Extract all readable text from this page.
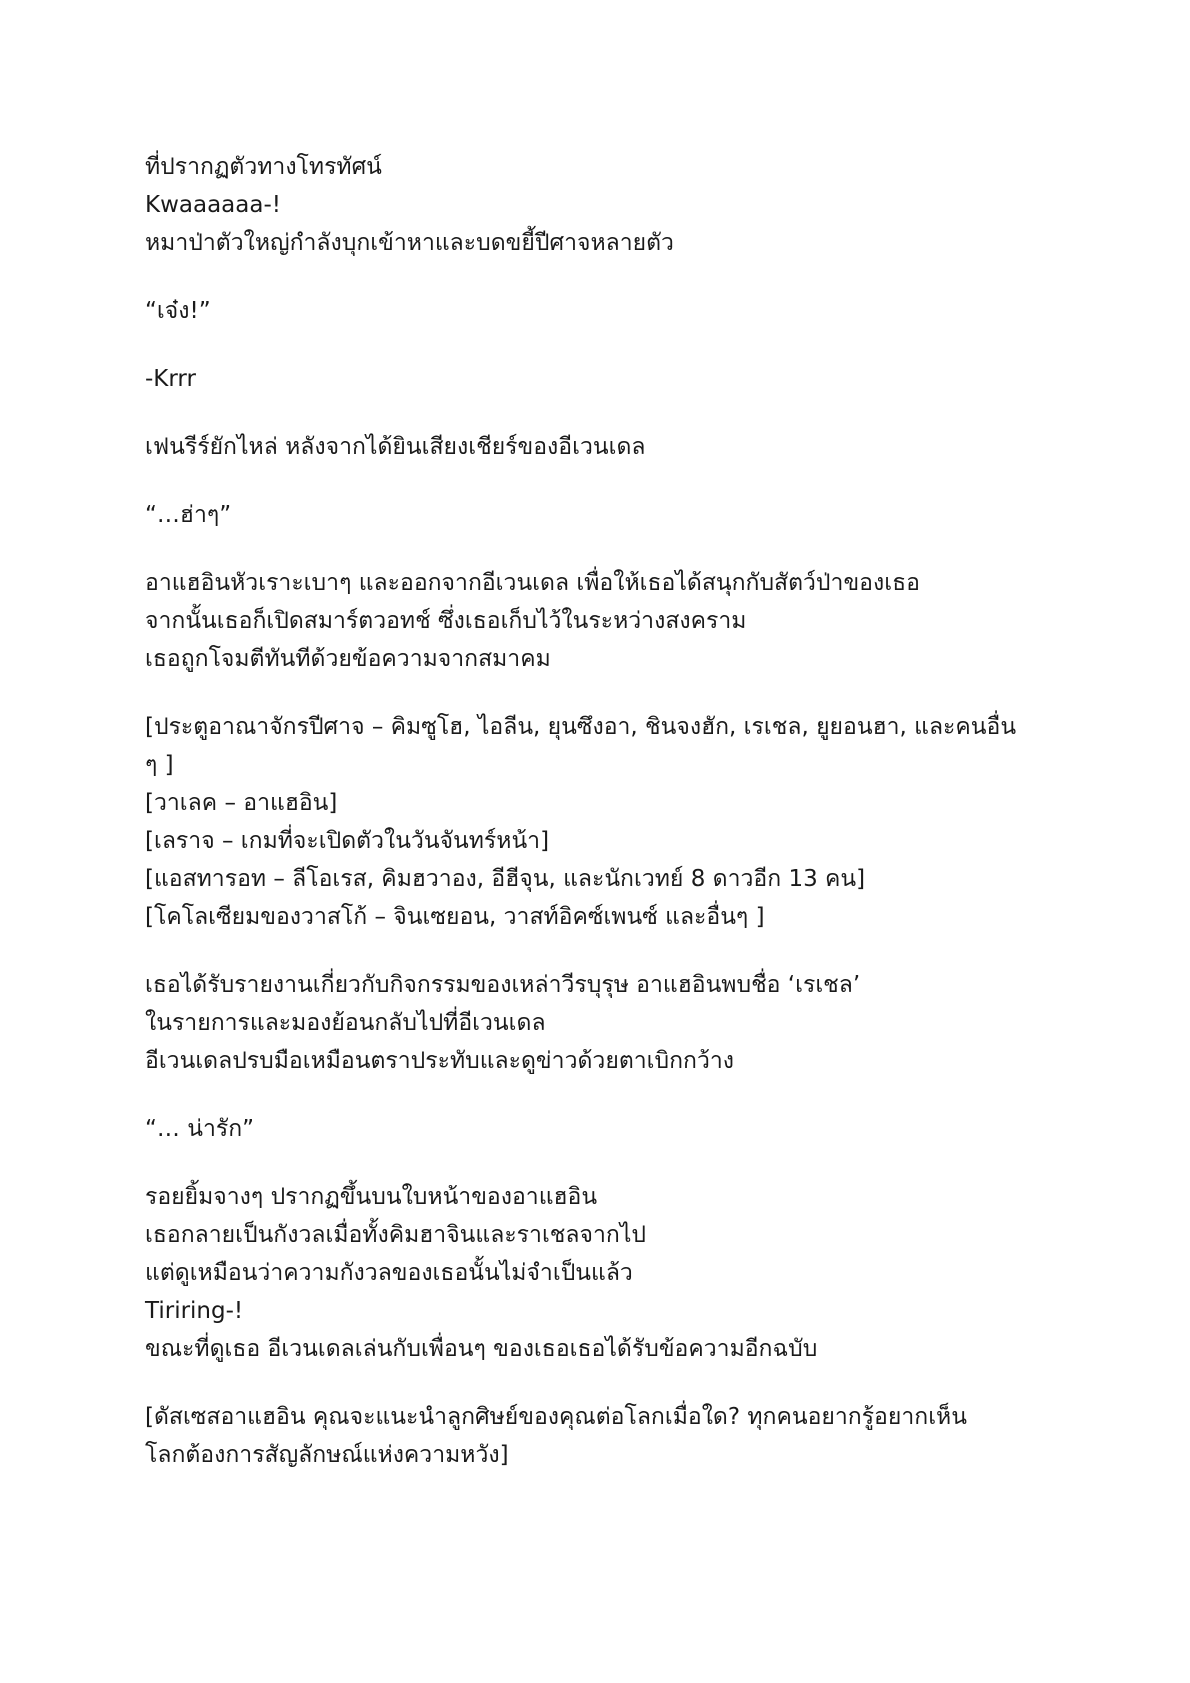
ที่ปรากฏตัวทางโทรทัศน์
Kwaaaaaa-!
หมาป่าตัวใหญ่กำลังบุกเข้าหาและบดขยี้ปีศาจหลายตัว

“เจ๋ง!”

-Krrr

เฟนรีร์ยักไหล่ หลังจากได้ยินเสียงเชียร์ของอีเวนเดล

“…ฮ่าๆ”

อาแฮอินหัวเราะเบาๆ และออกจากอีเวนเดล เพื่อให้เธอได้สนุกกับสัตว์ป่าของเธอ
จากนั้นเธอก็เปิดสมาร์ตวอทช์ ซึ่งเธอเก็บไว้ในระหว่างสงคราม
เธอถูกโจมตีทันทีด้วยข้อความจากสมาคม

[ประตูอาณาจักรปีศาจ – คิมซูโฮ, ไอลีน, ยุนซึงอา, ชินจงฮัก, เรเชล, ยูยอนฮา, และคนอื่น
ๆ ]
[วาเลค – อาแฮอิน]
[เลราจ – เกมที่จะเปิดตัวในวันจันทร์หน้า]
[แอสทารอท – ลีโอเรส, คิมฮวาอง, อีฮีจุน, และนักเวทย์ 8 ดาวอีก 13 คน]
[โคโลเซียมของวาสโก้ – จินเซยอน, วาสท์อิคซ์เพนซ์ และอื่นๆ ]

เธอได้รับรายงานเกี่ยวกับกิจกรรมของเหล่าวีรบุรุษ อาแฮอินพบชื่อ ‘เรเชล’
ในรายการและมองย้อนกลับไปที่อีเวนเดล
อีเวนเดลปรบมือเหมือนตราประทับและดูข่าวด้วยตาเบิกกว้าง

“… น่ารัก”

รอยยิ้มจางๆ ปรากฏขึ้นบนใบหน้าของอาแฮอิน
เธอกลายเป็นกังวลเมื่อทั้งคิมฮาจินและราเชลจากไป
แต่ดูเหมือนว่าความกังวลของเธอนั้นไม่จำเป็นแล้ว
Tiriring-!
ขณะที่ดูเธอ อีเวนเดลเล่นกับเพื่อนๆ ของเธอเธอได้รับข้อความอีกฉบับ

[ดัสเซสอาแฮอิน คุณจะแนะนำลูกศิษย์ของคุณต่อโลกเมื่อใด? ทุกคนอยากรู้อยากเห็น
โลกต้องการสัญลักษณ์แห่งความหวัง]
